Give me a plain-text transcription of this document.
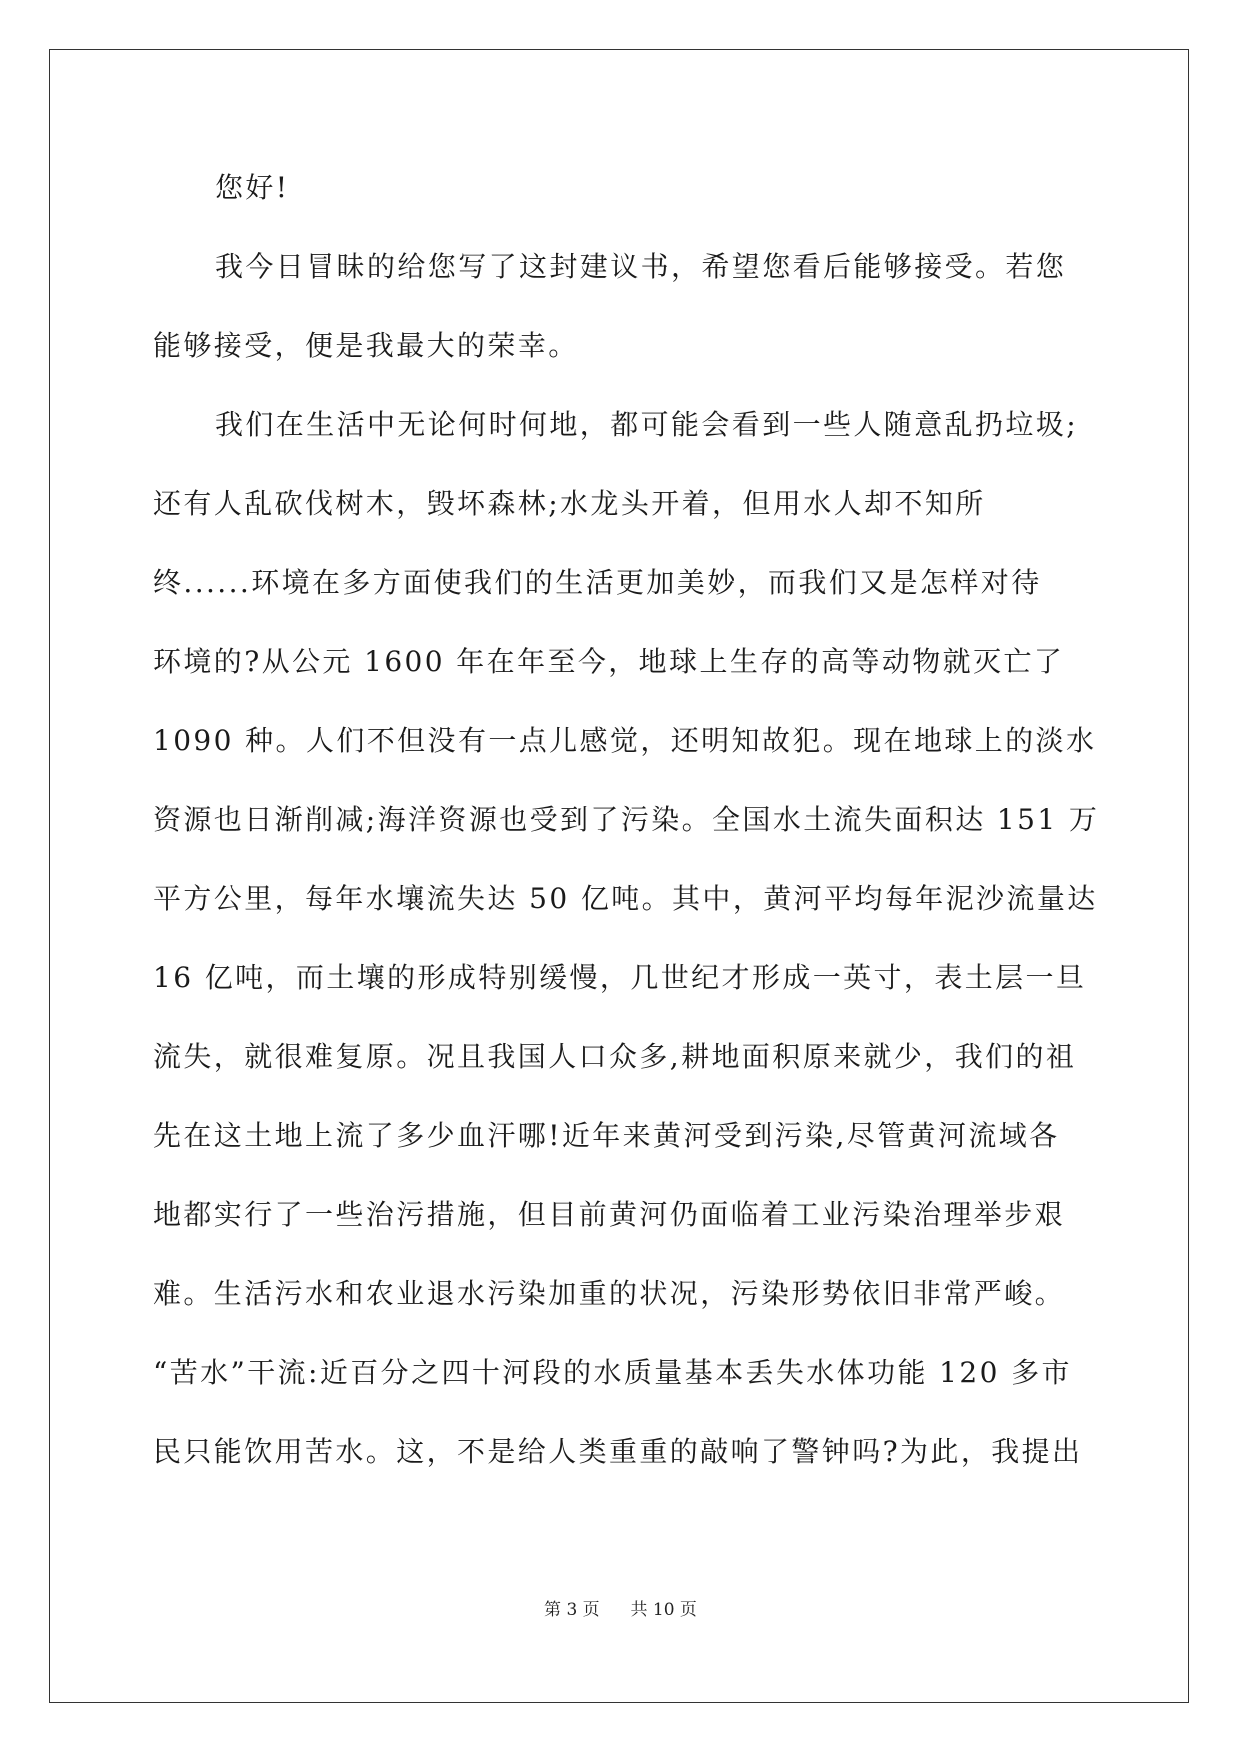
您好!
我今日冒昧的给您写了这封建议书，希望您看后能够接受。若您
能够接受，便是我最大的荣幸。
我们在生活中无论何时何地，都可能会看到一些人随意乱扔垃圾;
还有人乱砍伐树木，毁坏森林;水龙头开着，但用水人却不知所
终......环境在多方面使我们的生活更加美妙，而我们又是怎样对待
环境的?从公元 1600 年在年至今，地球上生存的高等动物就灭亡了
1090 种。人们不但没有一点儿感觉，还明知故犯。现在地球上的淡水
资源也日渐削减;海洋资源也受到了污染。全国水土流失面积达 151 万
平方公里，每年水壤流失达 50 亿吨。其中，黄河平均每年泥沙流量达
16 亿吨，而土壤的形成特别缓慢，几世纪才形成一英寸，表土层一旦
流失，就很难复原。况且我国人口众多,耕地面积原来就少，我们的祖
先在这土地上流了多少血汗哪!近年来黄河受到污染,尽管黄河流域各
地都实行了一些治污措施，但目前黄河仍面临着工业污染治理举步艰
难。生活污水和农业退水污染加重的状况，污染形势依旧非常严峻。
“苦水”干流:近百分之四十河段的水质量基本丢失水体功能 120 多市
民只能饮用苦水。这，不是给人类重重的敲响了警钟吗?为此，我提出
第 3 页 共 10 页
